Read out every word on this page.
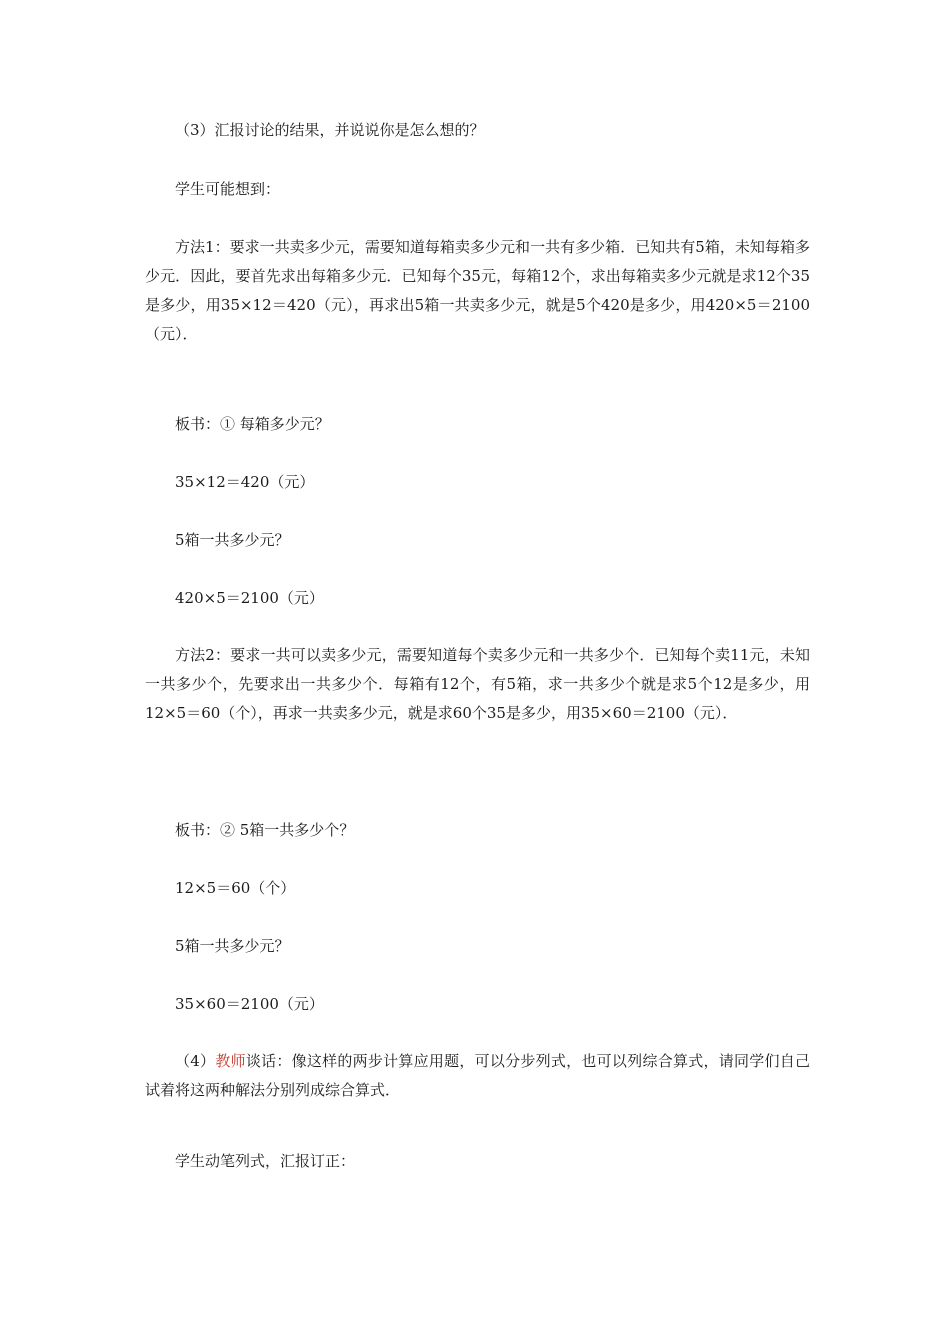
（3）汇报讨论的结果，并说说你是怎么想的？

学生可能想到：

方法1：要求一共卖多少元，需要知道每箱卖多少元和一共有多少箱．已知共有5箱，未知每箱多少元．因此，要首先求出每箱多少元．已知每个35元，每箱12个，求出每箱卖多少元就是求12个35是多少，用35×12＝420（元），再求出5箱一共卖多少元，就是5个420是多少，用420×5＝2100（元）．

板书：① 每箱多少元？

35×12＝420（元）

5箱一共多少元？

420×5＝2100（元）

方法2：要求一共可以卖多少元，需要知道每个卖多少元和一共多少个．已知每个卖11元，未知一共多少个，先要求出一共多少个．每箱有12个，有5箱，求一共多少个就是求5个12是多少，用12×5＝60（个），再求一共卖多少元，就是求60个35是多少，用35×60＝2100（元）．

板书：② 5箱一共多少个？

12×5＝60（个）

5箱一共多少元？

35×60＝2100（元）

（4）教师谈话：像这样的两步计算应用题，可以分步列式，也可以列综合算式，请同学们自己试着将这两种解法分别列成综合算式．

学生动笔列式，汇报订正：
